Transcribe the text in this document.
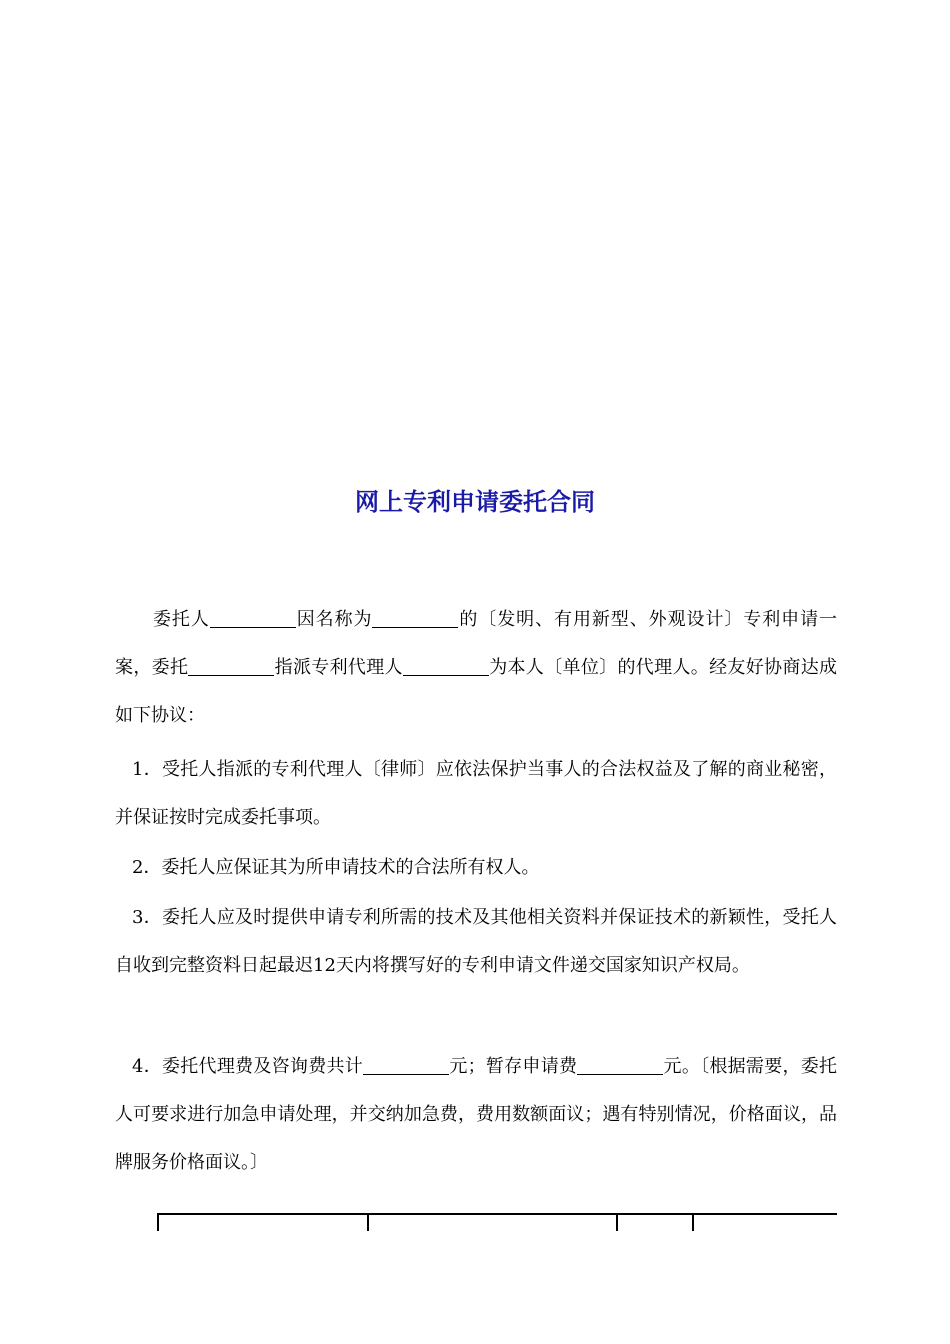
网上专利申请委托合同

委托人	因名称为	的〔发明、有用新型、外观设计〕专利申请一案，委托	指派专利代理人	为本人〔单位〕的代理人。经友好协商达成如下协议：

1．受托人指派的专利代理人〔律师〕应依法保护当事人的合法权益及了解的商业秘密，并保证按时完成委托事项。

2．委托人应保证其为所申请技术的合法所有权人。

3．委托人应及时提供申请专利所需的技术及其他相关资料并保证技术的新颖性，受托人自收到完整资料日起最迟12天内将撰写好的专利申请文件递交国家知识产权局。

4．委托代理费及咨询费共计	元；暂存申请费	元。〔根据需要，委托人可要求进行加急申请处理，并交纳加急费，费用数额面议；遇有特别情况，价格面议，品牌服务价格面议。〕
